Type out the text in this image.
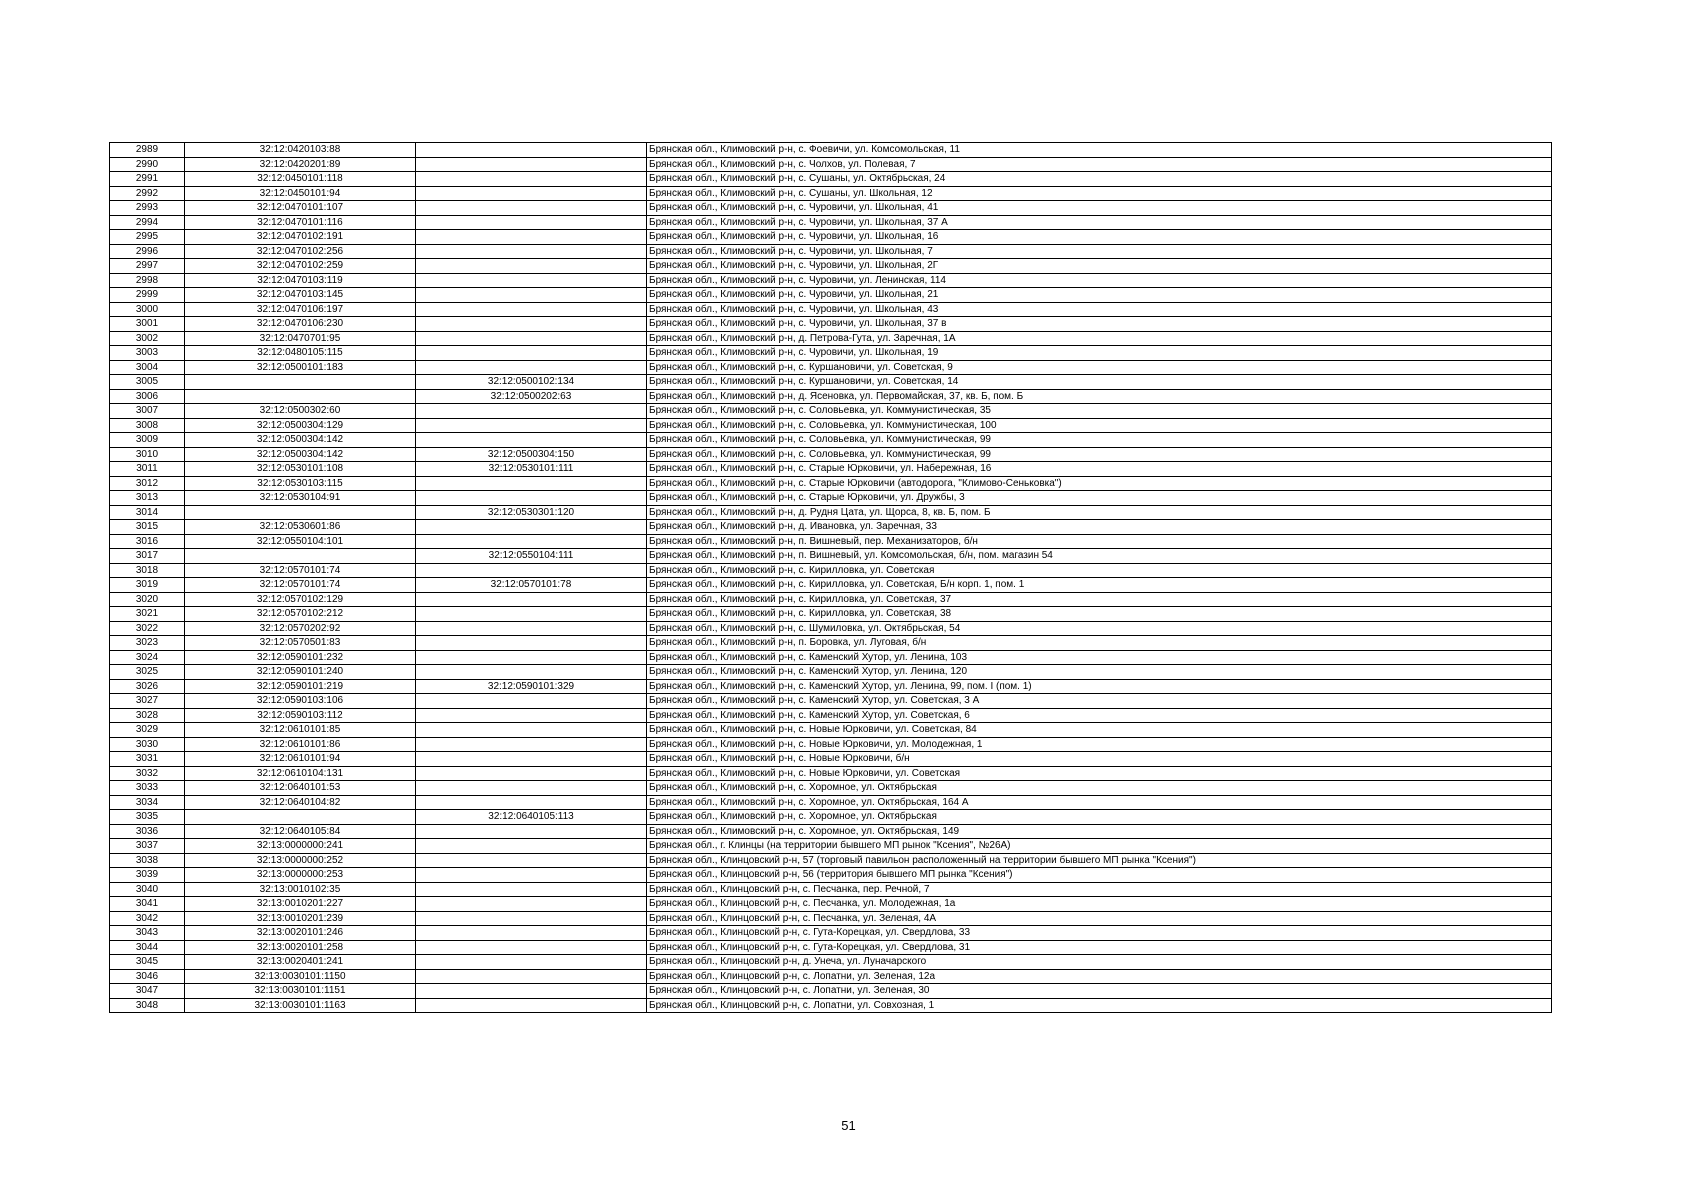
2989	32:12:0420103:88		Брянская обл., Климовский р-н, с. Фоевичи, ул. Комсомольская, 11
2990	32:12:0420201:89		Брянская обл., Климовский р-н, с. Чолхов, ул. Полевая, 7
2991	32:12:0450101:118		Брянская обл., Климовский р-н, с. Сушаны, ул. Октябрьская, 24
2992	32:12:0450101:94		Брянская обл., Климовский р-н, с. Сушаны, ул. Школьная, 12
2993	32:12:0470101:107		Брянская обл., Климовский р-н, с. Чуровичи, ул. Школьная, 41
2994	32:12:0470101:116		Брянская обл., Климовский р-н, с. Чуровичи, ул. Школьная, 37 А
2995	32:12:0470102:191		Брянская обл., Климовский р-н, с. Чуровичи, ул. Школьная, 16
2996	32:12:0470102:256		Брянская обл., Климовский р-н, с. Чуровичи, ул. Школьная, 7
2997	32:12:0470102:259		Брянская обл., Климовский р-н, с. Чуровичи, ул. Школьная, 2Г
2998	32:12:0470103:119		Брянская обл., Климовский р-н, с. Чуровичи, ул. Ленинская, 114
2999	32:12:0470103:145		Брянская обл., Климовский р-н, с. Чуровичи, ул. Школьная, 21
3000	32:12:0470106:197		Брянская обл., Климовский р-н, с. Чуровичи, ул. Школьная, 43
3001	32:12:0470106:230		Брянская обл., Климовский р-н, с. Чуровичи, ул. Школьная, 37 в
3002	32:12:0470701:95		Брянская обл., Климовский р-н, д. Петрова-Гута, ул. Заречная, 1А
3003	32:12:0480105:115		Брянская обл., Климовский р-н, с. Чуровичи, ул. Школьная, 19
3004	32:12:0500101:183		Брянская обл., Климовский р-н, с. Куршановичи, ул. Советская, 9
3005		32:12:0500102:134	Брянская обл., Климовский р-н, с. Куршановичи, ул. Советская, 14
3006		32:12:0500202:63	Брянская обл., Климовский р-н, д. Ясеновка, ул. Первомайская, 37, кв. Б, пом. Б
3007	32:12:0500302:60		Брянская обл., Климовский р-н, с. Соловьевка, ул. Коммунистическая, 35
3008	32:12:0500304:129		Брянская обл., Климовский р-н, с. Соловьевка, ул. Коммунистическая, 100
3009	32:12:0500304:142		Брянская обл., Климовский р-н, с. Соловьевка, ул. Коммунистическая, 99
3010	32:12:0500304:142	32:12:0500304:150	Брянская обл., Климовский р-н, с. Соловьевка, ул. Коммунистическая, 99
3011	32:12:0530101:108	32:12:0530101:111	Брянская обл., Климовский р-н, с. Старые Юрковичи, ул. Набережная, 16
3012	32:12:0530103:115		Брянская обл., Климовский р-н, с. Старые Юрковичи (автодорога, "Климово-Сеньковка")
3013	32:12:0530104:91		Брянская обл., Климовский р-н, с. Старые Юрковичи, ул. Дружбы, 3
3014		32:12:0530301:120	Брянская обл., Климовский р-н, д. Рудня Цата, ул. Щорса, 8, кв. Б, пом. Б
3015	32:12:0530601:86		Брянская обл., Климовский р-н, д. Ивановка, ул. Заречная, 33
3016	32:12:0550104:101		Брянская обл., Климовский р-н, п. Вишневый, пер. Механизаторов, б/н
3017		32:12:0550104:111	Брянская обл., Климовский р-н, п. Вишневый, ул. Комсомольская, б/н, пом. магазин 54
3018	32:12:0570101:74		Брянская обл., Климовский р-н, с. Кирилловка, ул. Советская
3019	32:12:0570101:74	32:12:0570101:78	Брянская обл., Климовский р-н, с. Кирилловка, ул. Советская, Б/н корп. 1, пом. 1
3020	32:12:0570102:129		Брянская обл., Климовский р-н, с. Кирилловка, ул. Советская, 37
3021	32:12:0570102:212		Брянская обл., Климовский р-н, с. Кирилловка, ул. Советская, 38
3022	32:12:0570202:92		Брянская обл., Климовский р-н, с. Шумиловка, ул. Октябрьская, 54
3023	32:12:0570501:83		Брянская обл., Климовский р-н, п. Боровка, ул. Луговая, б/н
3024	32:12:0590101:232		Брянская обл., Климовский р-н, с. Каменский Хутор, ул. Ленина, 103
3025	32:12:0590101:240		Брянская обл., Климовский р-н, с. Каменский Хутор, ул. Ленина, 120
3026	32:12:0590101:219	32:12:0590101:329	Брянская обл., Климовский р-н, с. Каменский Хутор, ул. Ленина, 99, пом. I (пом. 1)
3027	32:12:0590103:106		Брянская обл., Климовский р-н, с. Каменский Хутор, ул. Советская, 3 А
3028	32:12:0590103:112		Брянская обл., Климовский р-н, с. Каменский Хутор, ул. Советская, 6
3029	32:12:0610101:85		Брянская обл., Климовский р-н, с. Новые Юрковичи, ул. Советская, 84
3030	32:12:0610101:86		Брянская обл., Климовский р-н, с. Новые Юрковичи, ул. Молодежная, 1
3031	32:12:0610101:94		Брянская обл., Климовский р-н, с. Новые Юрковичи, б/н
3032	32:12:0610104:131		Брянская обл., Климовский р-н, с. Новые Юрковичи, ул. Советская
3033	32:12:0640101:53		Брянская обл., Климовский р-н, с. Хоромное, ул. Октябрьская
3034	32:12:0640104:82		Брянская обл., Климовский р-н, с. Хоромное, ул. Октябрьская, 164 А
3035		32:12:0640105:113	Брянская обл., Климовский р-н, с. Хоромное, ул. Октябрьская
3036	32:12:0640105:84		Брянская обл., Климовский р-н, с. Хоромное, ул. Октябрьская, 149
3037	32:13:0000000:241		Брянская обл., г. Клинцы (на территории бывшего МП рынок "Ксения", №26А)
3038	32:13:0000000:252		Брянская обл., Клинцовский р-н, 57 (торговый павильон расположенный на территории бывшего МП рынка "Ксения")
3039	32:13:0000000:253		Брянская обл., Клинцовский р-н, 56 (территория бывшего МП рынка "Ксения")
3040	32:13:0010102:35		Брянская обл., Клинцовский р-н, с. Песчанка, пер. Речной, 7
3041	32:13:0010201:227		Брянская обл., Клинцовский р-н, с. Песчанка, ул. Молодежная, 1а
3042	32:13:0010201:239		Брянская обл., Клинцовский р-н, с. Песчанка, ул. Зеленая, 4А
3043	32:13:0020101:246		Брянская обл., Клинцовский р-н, с. Гута-Корецкая, ул. Свердлова, 33
3044	32:13:0020101:258		Брянская обл., Клинцовский р-н, с. Гута-Корецкая, ул. Свердлова, 31
3045	32:13:0020401:241		Брянская обл., Клинцовский р-н, д. Унеча, ул. Луначарского
3046	32:13:0030101:1150		Брянская обл., Клинцовский р-н, с. Лопатни, ул. Зеленая, 12а
3047	32:13:0030101:1151		Брянская обл., Клинцовский р-н, с. Лопатни, ул. Зеленая, 30
3048	32:13:0030101:1163		Брянская обл., Клинцовский р-н, с. Лопатни, ул. Совхозная, 1
51
